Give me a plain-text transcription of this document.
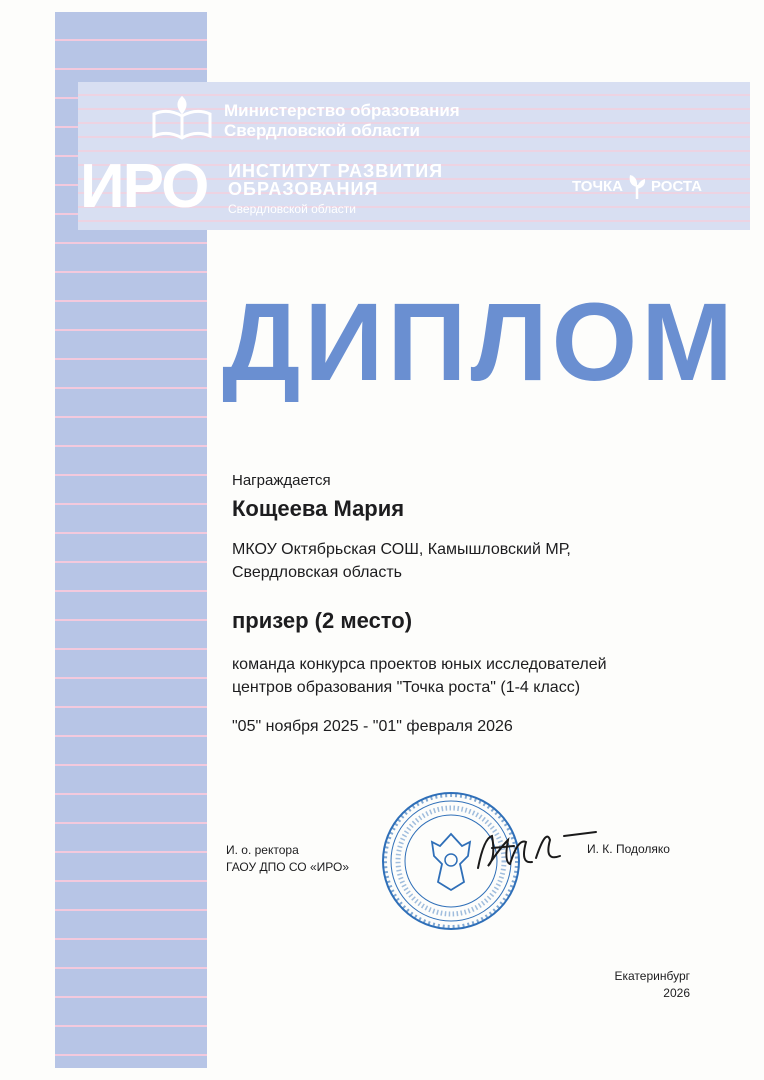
Министерство образования
Свердловской области
ИРО ИНСТИТУТ РАЗВИТИЯ
ОБРАЗОВАНИЯ
Свердловской области
ТОЧКА РОСТА
ДИПЛОМ
Награждается
Кощеева Мария
МКОУ Октябрьская СОШ, Камышловский МР,
Свердловская область
призер (2 место)
команда конкурса проектов юных исследователей
центров образования "Точка роста" (1-4 класс)
"05" ноября 2025 - "01" февраля 2026
И. о. ректора
ГАОУ ДПО СО «ИРО»
И. К. Подоляко
Екатеринбург
2026
